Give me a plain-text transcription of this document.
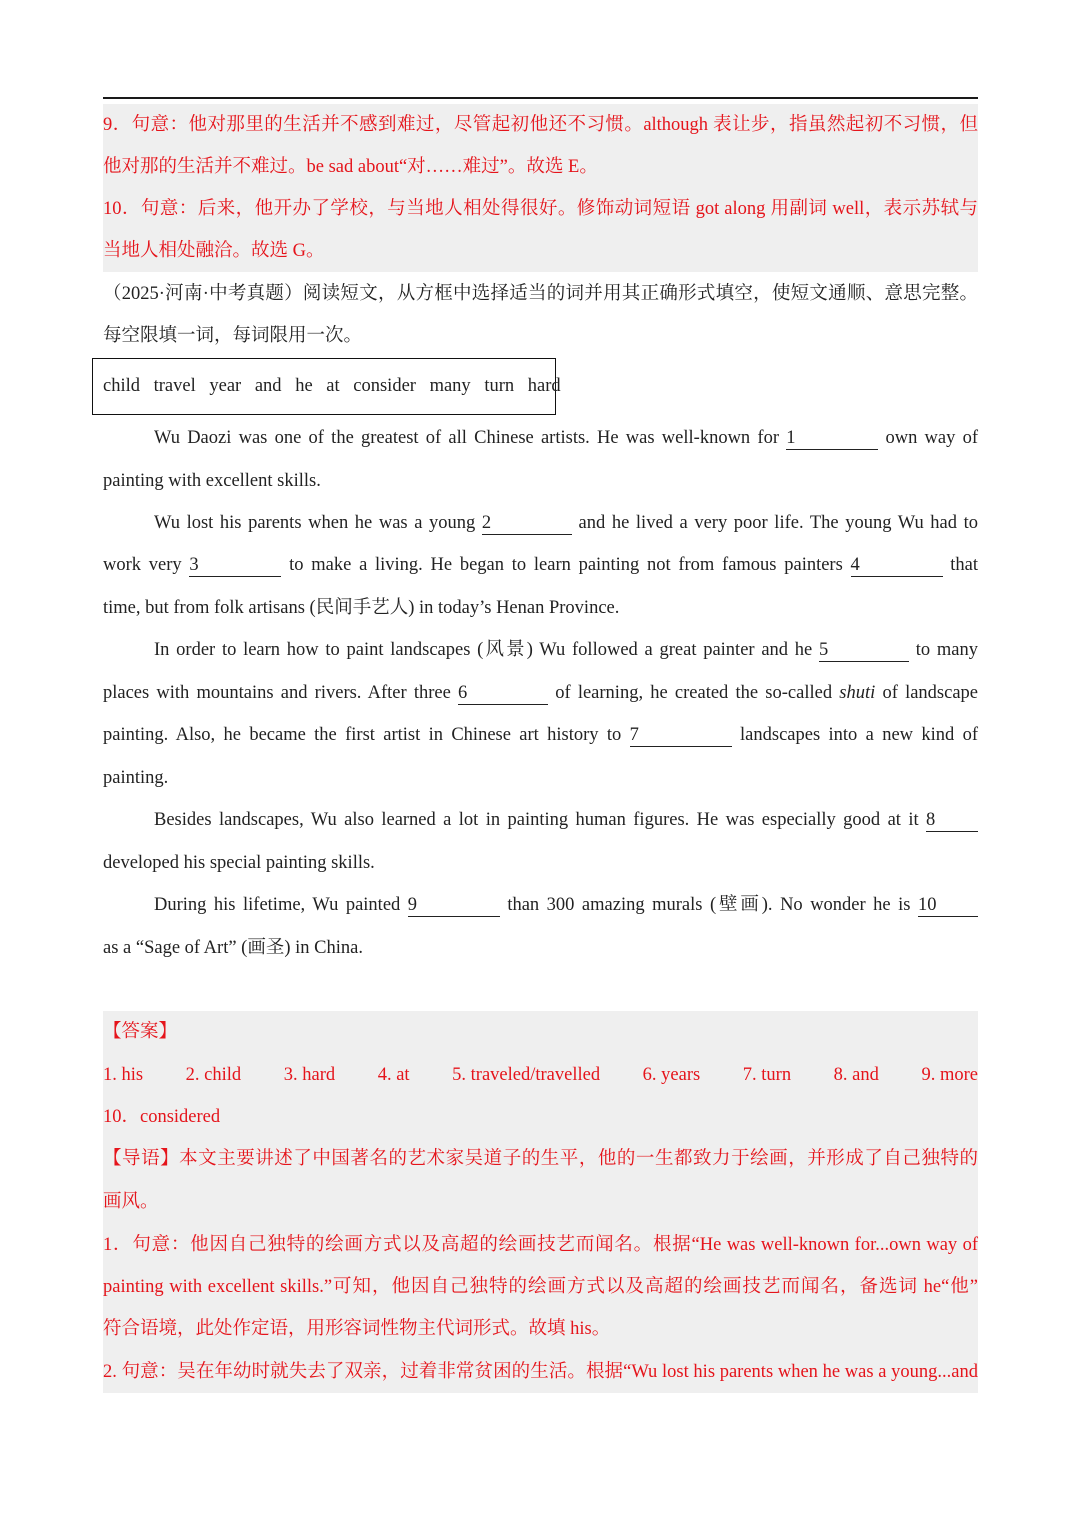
9．句意：他对那里的生活并不感到难过，尽管起初他还不习惯。although 表让步，指虽然起初不习惯，但
他对那的生活并不难过。be sad about“对……难过”。故选 E。
10．句意：后来，他开办了学校，与当地人相处得很好。修饰动词短语 got along 用副词 well，表示苏轼与
当地人相处融洽。故选 G。
（2025·河南·中考真题）阅读短文，从方框中选择适当的词并用其正确形式填空，使短文通顺、意思完整。
每空限填一词，每词限用一次。
child travel year and he at consider many turn hard
Wu Daozi was one of the greatest of all Chinese artists. He was well-known for 1	own way of
painting with excellent skills.
Wu lost his parents when he was a young 2	and he lived a very poor life. The young Wu had to
work very 3	to make a living. He began to learn painting not from famous painters 4	that
time, but from folk artisans (民间手艺人) in today’s Henan Province.
In order to learn how to paint landscapes (风景) Wu followed a great painter and he 5	to many
places with mountains and rivers. After three 6	of learning, he created the so-called shuti of landscape
painting. Also, he became the first artist in Chinese art history to 7	landscapes into a new kind of
painting.
Besides landscapes, Wu also learned a lot in painting human figures. He was especially good at it 8
developed his special painting skills.
During his lifetime, Wu painted 9	than 300 amazing murals (壁画). No wonder he is 10
as a “Sage of Art” (画圣) in China.
【答案】
1. his 2. child 3. hard 4. at 5. traveled/travelled 6. years 7. turn 8. and 9. more
10．considered
【导语】本文主要讲述了中国著名的艺术家吴道子的生平，他的一生都致力于绘画，并形成了自己独特的
画风。
1．句意：他因自己独特的绘画方式以及高超的绘画技艺而闻名。根据“He was well-known for...own way of
painting with excellent skills.”可知，他因自己独特的绘画方式以及高超的绘画技艺而闻名，备选词 he“他”
符合语境，此处作定语，用形容词性物主代词形式。故填 his。
2. 句意：吴在年幼时就失去了双亲，过着非常贫困的生活。根据“Wu lost his parents when he was a young...and
